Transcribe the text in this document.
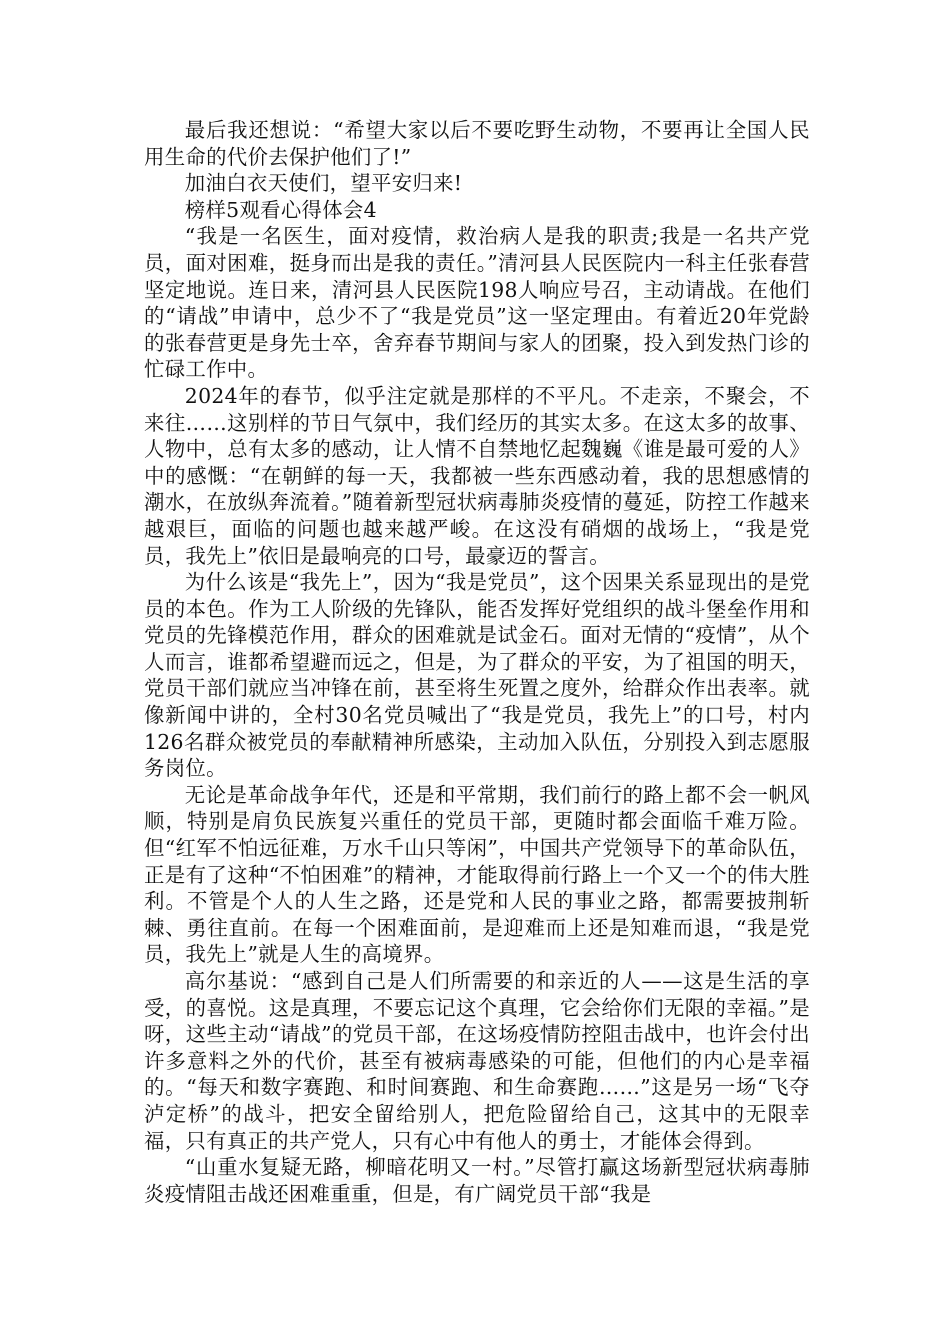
最后我还想说：“希望大家以后不要吃野生动物，不要再让全国人民用生命的代价去保护他们了!”

加油白衣天使们，望平安归来!

榜样5观看心得体会4

“我是一名医生，面对疫情，救治病人是我的职责;我是一名共产党员，面对困难，挺身而出是我的责任。”清河县人民医院内一科主任张春营坚定地说。连日来，清河县人民医院198人响应号召，主动请战。在他们的“请战”申请中，总少不了“我是党员”这一坚定理由。有着近20年党龄的张春营更是身先士卒，舍弃春节期间与家人的团聚，投入到发热门诊的忙碌工作中。

2024年的春节，似乎注定就是那样的不平凡。不走亲，不聚会，不来往……这别样的节日气氛中，我们经历的其实太多。在这太多的故事、人物中，总有太多的感动，让人情不自禁地忆起魏巍《谁是最可爱的人》中的感慨：“在朝鲜的每一天，我都被一些东西感动着，我的思想感情的潮水，在放纵奔流着。”随着新型冠状病毒肺炎疫情的蔓延，防控工作越来越艰巨，面临的问题也越来越严峻。在这没有硝烟的战场上，“我是党员，我先上”依旧是最响亮的口号，最豪迈的誓言。

为什么该是“我先上”，因为“我是党员”，这个因果关系显现出的是党员的本色。作为工人阶级的先锋队，能否发挥好党组织的战斗堡垒作用和党员的先锋模范作用，群众的困难就是试金石。面对无情的“疫情”，从个人而言，谁都希望避而远之，但是，为了群众的平安，为了祖国的明天，党员干部们就应当冲锋在前，甚至将生死置之度外，给群众作出表率。就像新闻中讲的，全村30名党员喊出了“我是党员，我先上”的口号，村内126名群众被党员的奉献精神所感染，主动加入队伍，分别投入到志愿服务岗位。

无论是革命战争年代，还是和平常期，我们前行的路上都不会一帆风顺，特别是肩负民族复兴重任的党员干部，更随时都会面临千难万险。但“红军不怕远征难，万水千山只等闲”，中国共产党领导下的革命队伍，正是有了这种“不怕困难”的精神，才能取得前行路上一个又一个的伟大胜利。不管是个人的人生之路，还是党和人民的事业之路，都需要披荆斩棘、勇往直前。在每一个困难面前，是迎难而上还是知难而退，“我是党员，我先上”就是人生的高境界。

高尔基说：“感到自己是人们所需要的和亲近的人——这是生活的享受，的喜悦。这是真理，不要忘记这个真理，它会给你们无限的幸福。”是呀，这些主动“请战”的党员干部，在这场疫情防控阻击战中，也许会付出许多意料之外的代价，甚至有被病毒感染的可能，但他们的内心是幸福的。“每天和数字赛跑、和时间赛跑、和生命赛跑……”这是另一场“飞夺泸定桥”的战斗，把安全留给别人，把危险留给自己，这其中的无限幸福，只有真正的共产党人，只有心中有他人的勇士，才能体会得到。

“山重水复疑无路，柳暗花明又一村。”尽管打赢这场新型冠状病毒肺炎疫情阻击战还困难重重，但是，有广阔党员干部“我是
